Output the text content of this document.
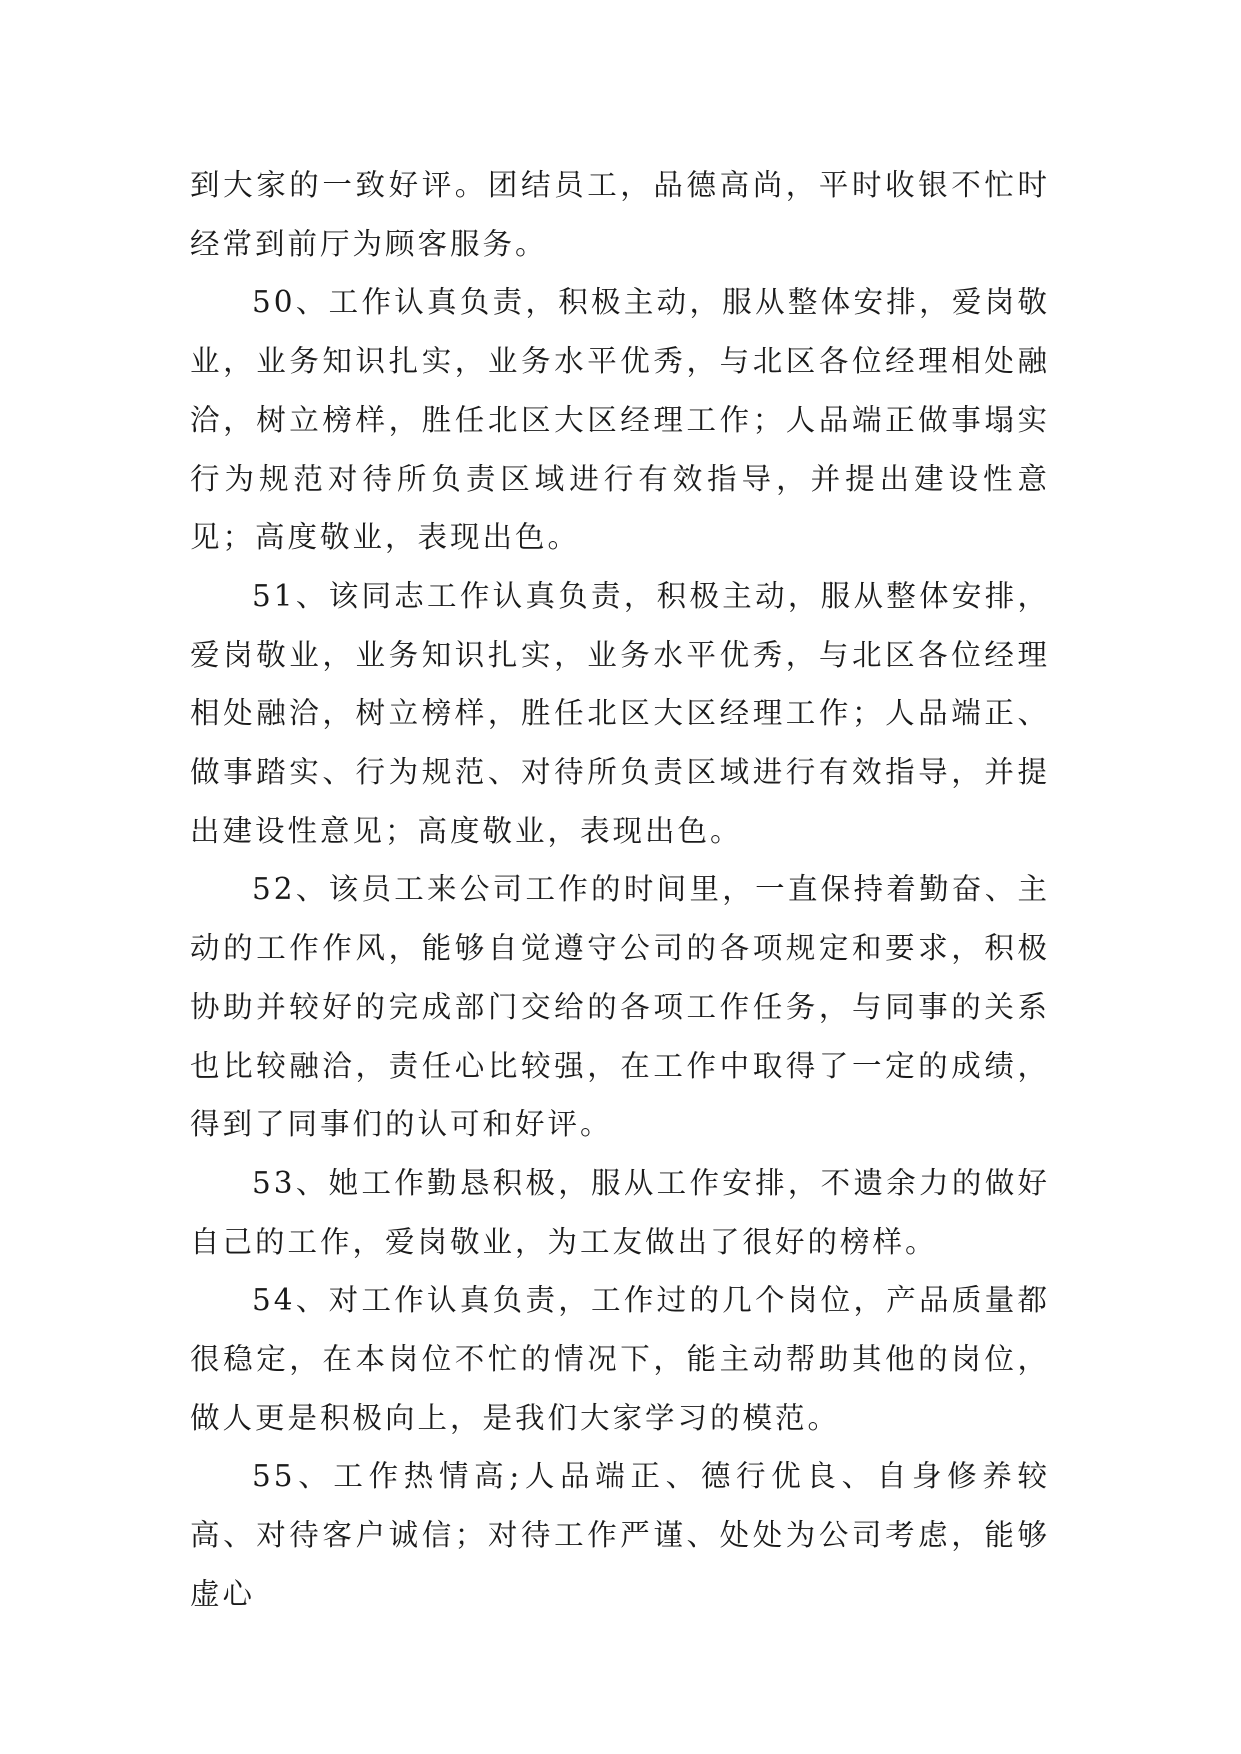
到大家的一致好评。团结员工，品德高尚，平时收银不忙时经常到前厅为顾客服务。

50、工作认真负责，积极主动，服从整体安排，爱岗敬业，业务知识扎实，业务水平优秀，与北区各位经理相处融洽，树立榜样，胜任北区大区经理工作；人品端正做事塌实行为规范对待所负责区域进行有效指导，并提出建设性意见；高度敬业，表现出色。

51、该同志工作认真负责，积极主动，服从整体安排，爱岗敬业，业务知识扎实，业务水平优秀，与北区各位经理相处融洽，树立榜样，胜任北区大区经理工作；人品端正、做事踏实、行为规范、对待所负责区域进行有效指导，并提出建设性意见；高度敬业，表现出色。

52、该员工来公司工作的时间里，一直保持着勤奋、主动的工作作风，能够自觉遵守公司的各项规定和要求，积极协助并较好的完成部门交给的各项工作任务，与同事的关系也比较融洽，责任心比较强，在工作中取得了一定的成绩，得到了同事们的认可和好评。

53、她工作勤恳积极，服从工作安排，不遗余力的做好自己的工作，爱岗敬业，为工友做出了很好的榜样。

54、对工作认真负责，工作过的几个岗位，产品质量都很稳定，在本岗位不忙的情况下，能主动帮助其他的岗位，做人更是积极向上，是我们大家学习的模范。

55、工作热情高;人品端正、德行优良、自身修养较高、对待客户诚信；对待工作严谨、处处为公司考虑，能够虚心
